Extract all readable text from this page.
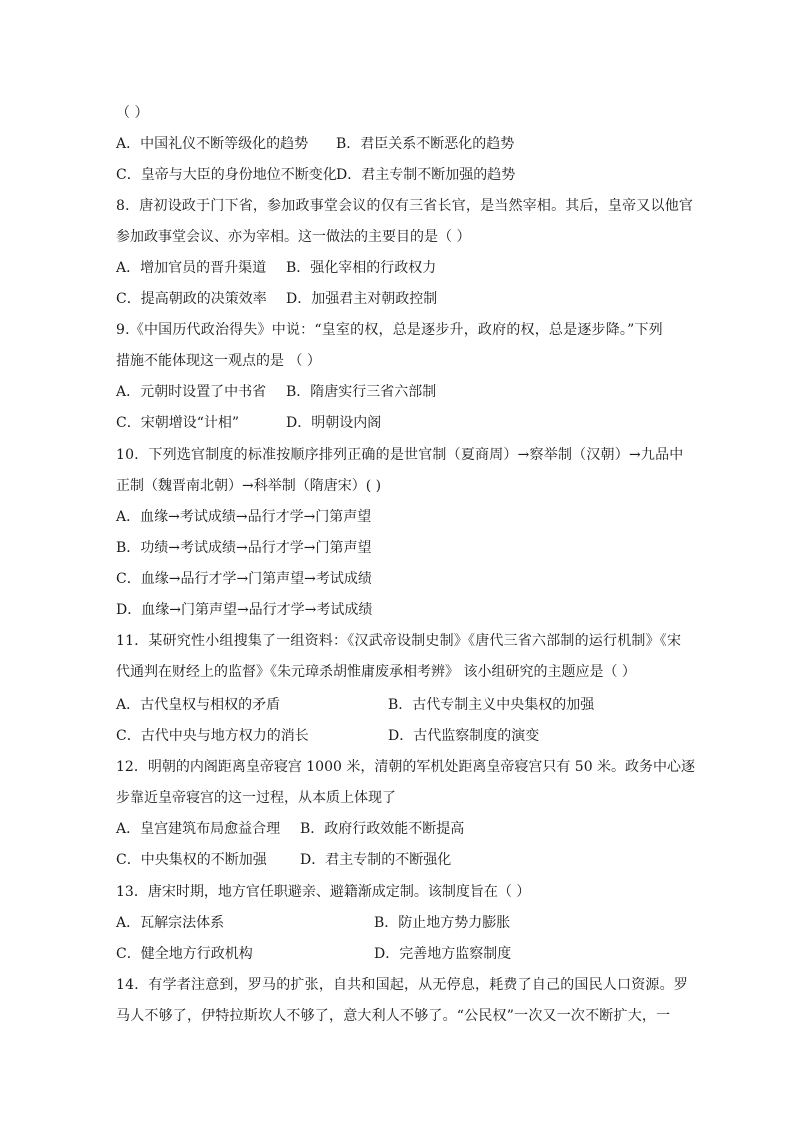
（ ）
A．中国礼仪不断等级化的趋势 B．君臣关系不断恶化的趋势
C．皇帝与大臣的身份地位不断变化 D．君主专制不断加强的趋势
8．唐初设政于门下省，参加政事堂会议的仅有三省长官，是当然宰相。其后，皇帝又以他官
参加政事堂会议、亦为宰相。这一做法的主要目的是（ ）
A．增加官员的晋升渠道 B．强化宰相的行政权力
C．提高朝政的决策效率 D．加强君主对朝政控制
9.《中国历代政治得失》中说：“皇室的权，总是逐步升，政府的权，总是逐步降。”下列
措施不能体现这一观点的是 （ ）
A．元朝时设置了中书省 B．隋唐实行三省六部制
C．宋朝增设“计相”	D．明朝设内阁
10．下列选官制度的标准按顺序排列正确的是世官制（夏商周）→察举制（汉朝）→九品中
正制（魏晋南北朝）→科举制（隋唐宋）( )
A．血缘→考试成绩→品行才学→门第声望
B．功绩→考试成绩→品行才学→门第声望
C．血缘→品行才学→门第声望→考试成绩
D．血缘→门第声望→品行才学→考试成绩
11．某研究性小组搜集了一组资料：《汉武帝设制史制》《唐代三省六部制的运行机制》《宋
代通判在财经上的监督》《朱元璋杀胡惟庸废承相考辨》 该小组研究的主题应是（ ）
A．古代皇权与相权的矛盾	B．古代专制主义中央集权的加强
C．古代中央与地方权力的消长	D．古代监察制度的演变
12．明朝的内阁距离皇帝寝宫 1000 米，清朝的军机处距离皇帝寝宫只有 50 米。政务中心逐
步靠近皇帝寝宫的这一过程，从本质上体现了
A．皇宫建筑布局愈益合理 B．政府行政效能不断提高
C．中央集权的不断加强 D．君主专制的不断强化
13．唐宋时期，地方官任职避亲、避籍渐成定制。该制度旨在（ ）
A．瓦解宗法体系	B．防止地方势力膨胀
C．健全地方行政机构	D．完善地方监察制度
14．有学者注意到，罗马的扩张，自共和国起，从无停息，耗费了自己的国民人口资源。罗
马人不够了，伊特拉斯坎人不够了，意大利人不够了。“公民权”一次又一次不断扩大，一
